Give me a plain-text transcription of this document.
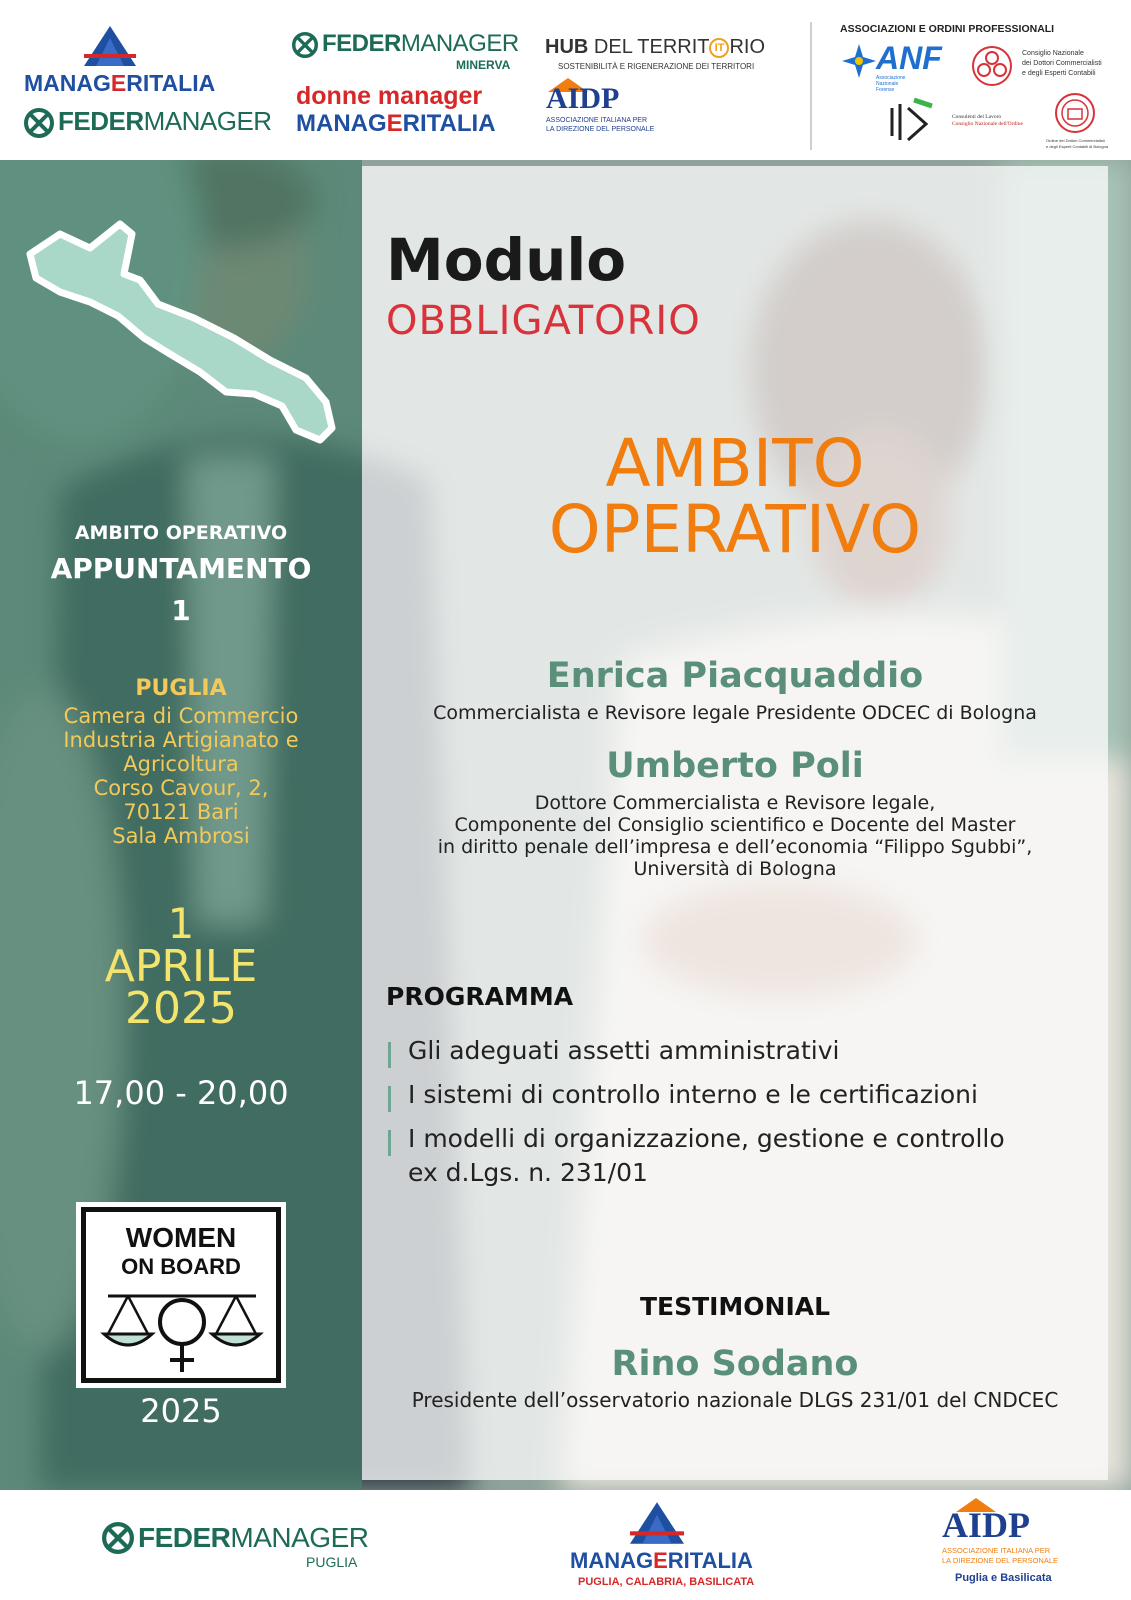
MANAGERITALIA
FEDERMANAGER
FEDERMANAGER
MINERVA
donne manager
MANAGERITALIA
HUB DEL TERRIT IT RIO
SOSTENIBILITÀ E RIGENERAZIONE DEI TERRITORI
AIDP
ASSOCIAZIONE ITALIANA PER
LA DIREZIONE DEL PERSONALE
ASSOCIAZIONI E ORDINI PROFESSIONALI
ANF
Associazione
Nazionale
Forense
Consiglio Nazionale
dei Dottori Commercialisti
e degli Esperti Contabili
Consulenti del Lavoro
Consiglio Nazionale dell'Ordine
Ordine dei Dottori Commercialisti
e degli Esperti Contabili di Bologna
AMBITO OPERATIVO
APPUNTAMENTO
1
PUGLIA
Camera di Commercio
Industria Artigianato e
Agricoltura
Corso Cavour, 2,
70121 Bari
Sala Ambrosi
1
APRILE
2025
17,00 - 20,00
WOMEN
ON BOARD
2025
Modulo
OBBLIGATORIO
AMBITO
OPERATIVO
Enrica Piacquaddio
Commercialista e Revisore legale Presidente ODCEC di Bologna
Umberto Poli
Dottore Commercialista e Revisore legale,
Componente del Consiglio scientifico e Docente del Master
in diritto penale dell’impresa e dell’economia “Filippo Sgubbi”,
Università di Bologna
PROGRAMMA
Gli adeguati assetti amministrativi
I sistemi di controllo interno e le certificazioni
I modelli di organizzazione, gestione e controllo
ex d.Lgs. n. 231/01
TESTIMONIAL
Rino Sodano
Presidente dell’osservatorio nazionale DLGS 231/01 del CNDCEC
FEDERMANAGER
PUGLIA	MANAGERITALIA
PUGLIA, CALABRIA, BASILICATA
AIDP
ASSOCIAZIONE ITALIANA PER
LA DIREZIONE DEL PERSONALE
Puglia e Basilicata
